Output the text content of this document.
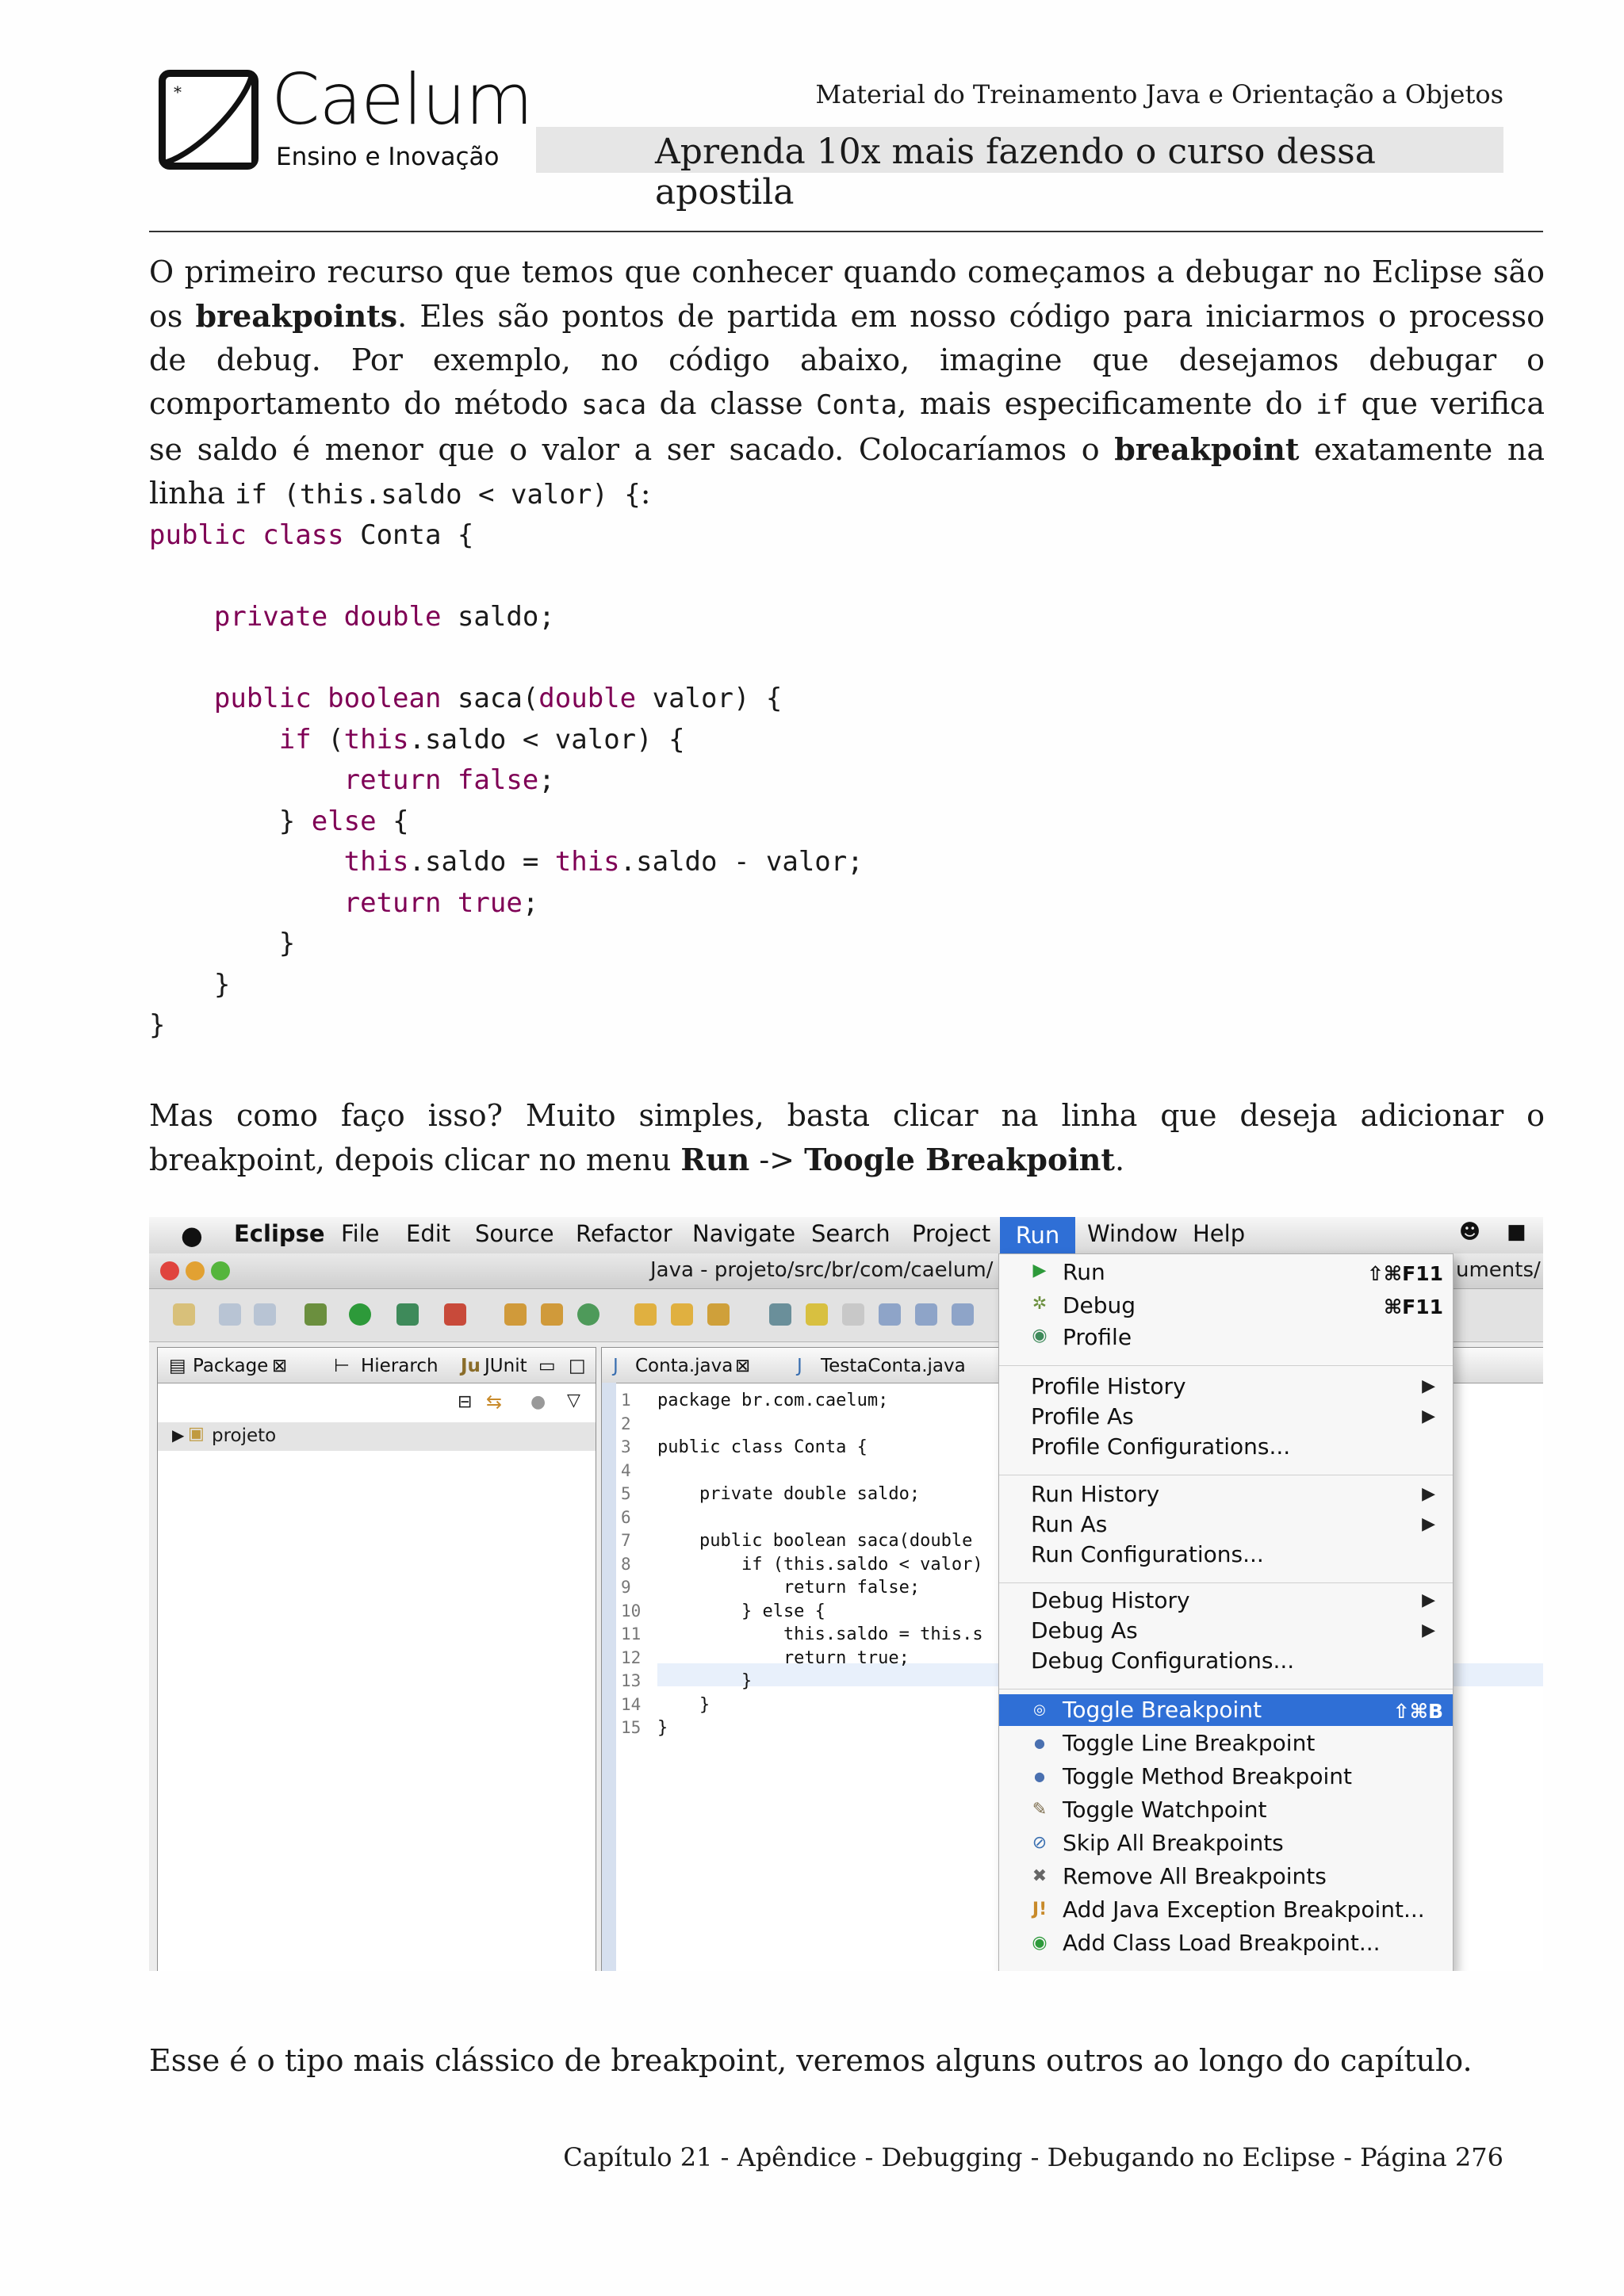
* Caelum
Ensino e Inovação
Material do Treinamento Java e Orientação a Objetos
Aprenda 10x mais fazendo o curso dessa apostila
O primeiro recurso que temos que conhecer quando começamos a debugar no Eclipse são os breakpoints. Eles são pontos de partida em nosso código para iniciarmos o processo de debug. Por exemplo, no código abaixo, imagine que desejamos debugar o comportamento do método saca da classe Conta, mais especificamente do if que verifica se saldo é menor que o valor a ser sacado. Colocaríamos o breakpoint exatamente na linha if (this.saldo < valor) {:
public class Conta {

private double saldo;

public boolean saca(double valor) {
if (this.saldo < valor) {
return false;
} else {
this.saldo = this.saldo - valor;
return true;
}
}
}
Mas como faço isso? Muito simples, basta clicar na linha que deseja adicionar o breakpoint, depois clicar no menu Run -> Toogle Breakpoint.
● Eclipse File Edit Source Refactor Navigate Search Project	Run	Window Help	☻ ■
Java - projeto/src/br/com/caelum/	uments/
▤ Package ⊠	⊢ Hierarch Ju JUnit ▭ □
⊟ ⇆ ● ▽
▶ ▣ projeto
J Conta.java ⊠	J TestaConta.java
1
2
3
4
5
6
7
8
9
10
11
12
13
14
15
package br.com.caelum;

public class Conta {

private double saldo;

public boolean saca(double
if (this.saldo < valor)
return false;
} else {
this.saldo = this.s
return true;
}
}
}
▶ Run	⇧⌘F11
✲ Debug	⌘F11
◉ Profile
Profile History	▶
Profile As	▶
Profile Configurations...
Run History	▶
Run As	▶
Run Configurations...
Debug History	▶
Debug As	▶
Debug Configurations...
◎ Toggle Breakpoint	⇧⌘B
● Toggle Line Breakpoint
● Toggle Method Breakpoint
✎ Toggle Watchpoint
⊘ Skip All Breakpoints
✖ Remove All Breakpoints
J! Add Java Exception Breakpoint...
◉ Add Class Load Breakpoint...
Esse é o tipo mais clássico de breakpoint, veremos alguns outros ao longo do capítulo.
Capítulo 21 - Apêndice - Debugging - Debugando no Eclipse - Página 276
